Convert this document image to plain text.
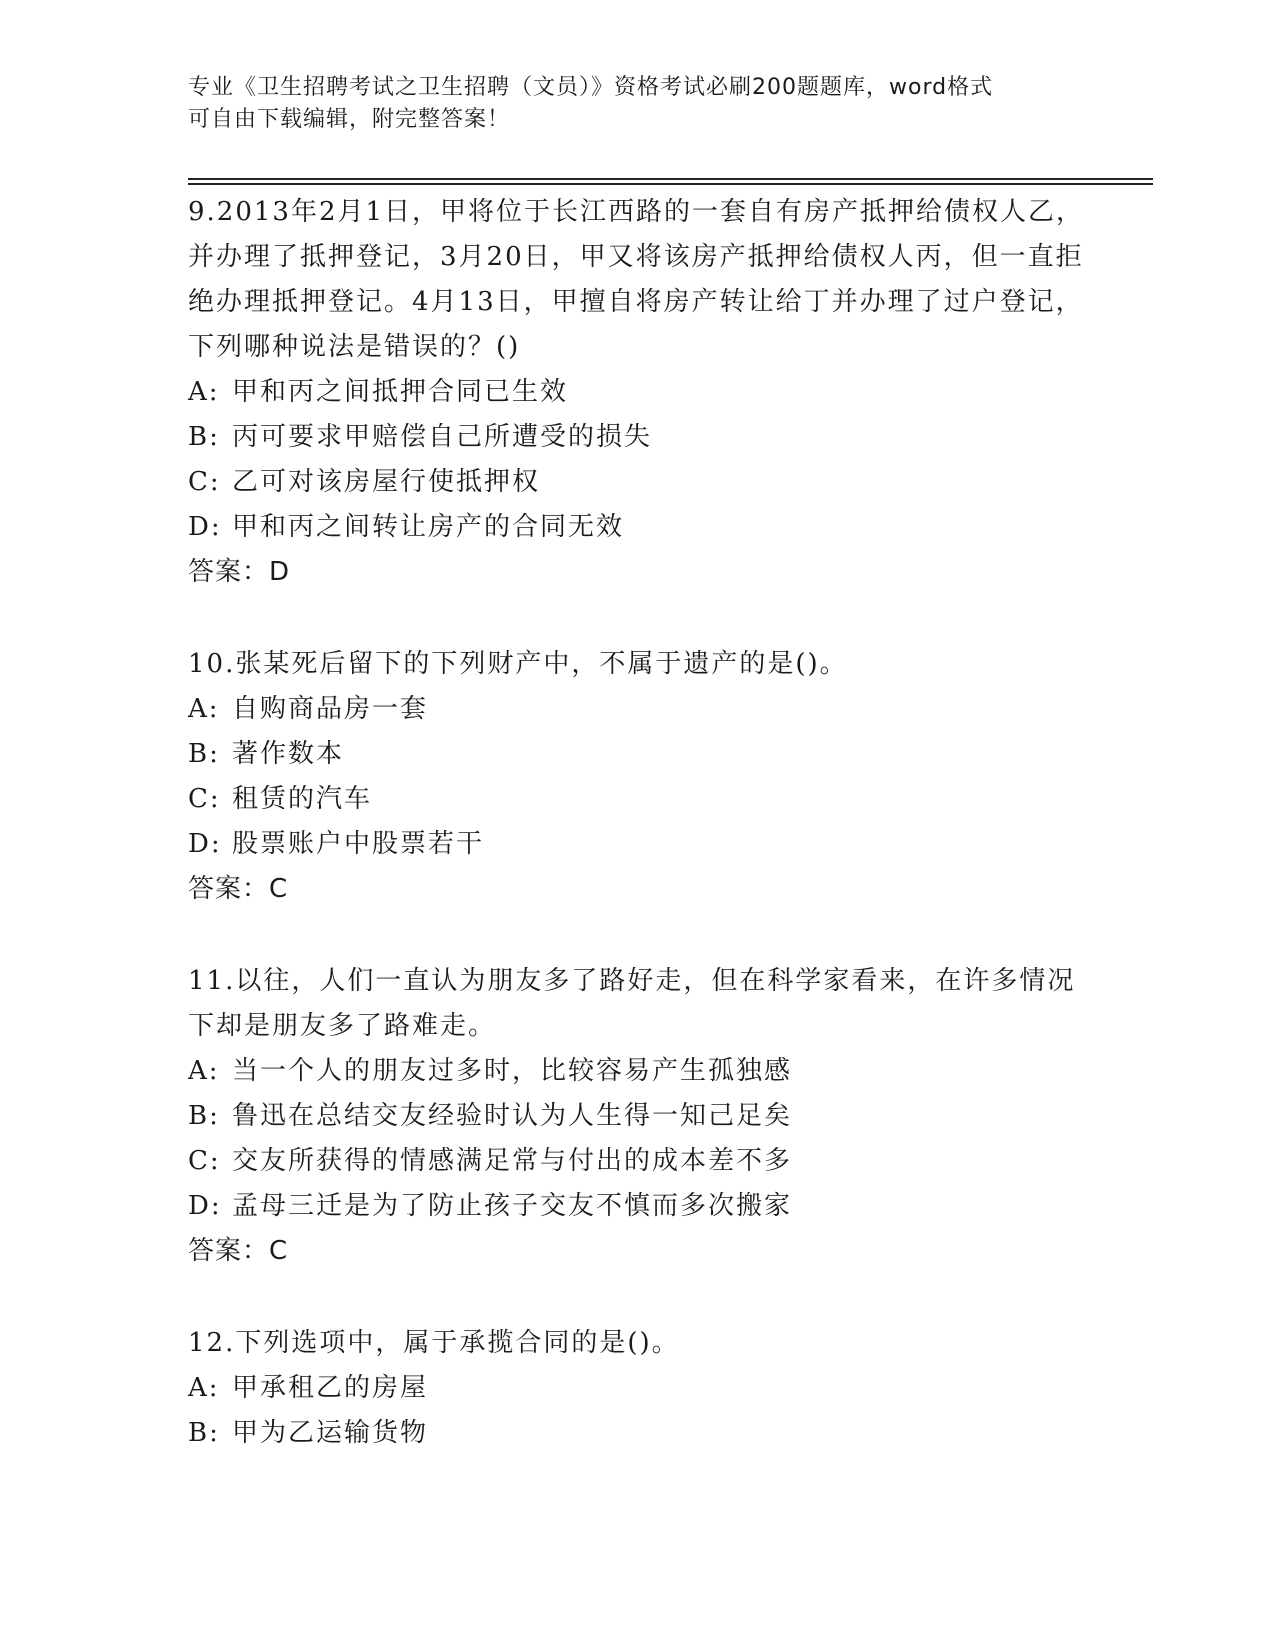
专业《卫生招聘考试之卫生招聘（文员）》资格考试必刷200题题库，word格式
可自由下载编辑，附完整答案！

9.2013年2月1日，甲将位于长江西路的一套自有房产抵押给债权人乙，并办理了抵押登记，3月20日，甲又将该房产抵押给债权人丙，但一直拒绝办理抵押登记。4月13日，甲擅自将房产转让给丁并办理了过户登记，下列哪种说法是错误的？()

A: 甲和丙之间抵押合同已生效

B: 丙可要求甲赔偿自己所遭受的损失

C: 乙可对该房屋行使抵押权

D: 甲和丙之间转让房产的合同无效

答案：D

10.张某死后留下的下列财产中，不属于遗产的是()。

A: 自购商品房一套

B: 著作数本

C: 租赁的汽车

D: 股票账户中股票若干

答案：C

11.以往，人们一直认为朋友多了路好走，但在科学家看来，在许多情况下却是朋友多了路难走。

A: 当一个人的朋友过多时，比较容易产生孤独感

B: 鲁迅在总结交友经验时认为人生得一知己足矣

C: 交友所获得的情感满足常与付出的成本差不多

D: 孟母三迁是为了防止孩子交友不慎而多次搬家

答案：C

12.下列选项中，属于承揽合同的是()。

A: 甲承租乙的房屋

B: 甲为乙运输货物
